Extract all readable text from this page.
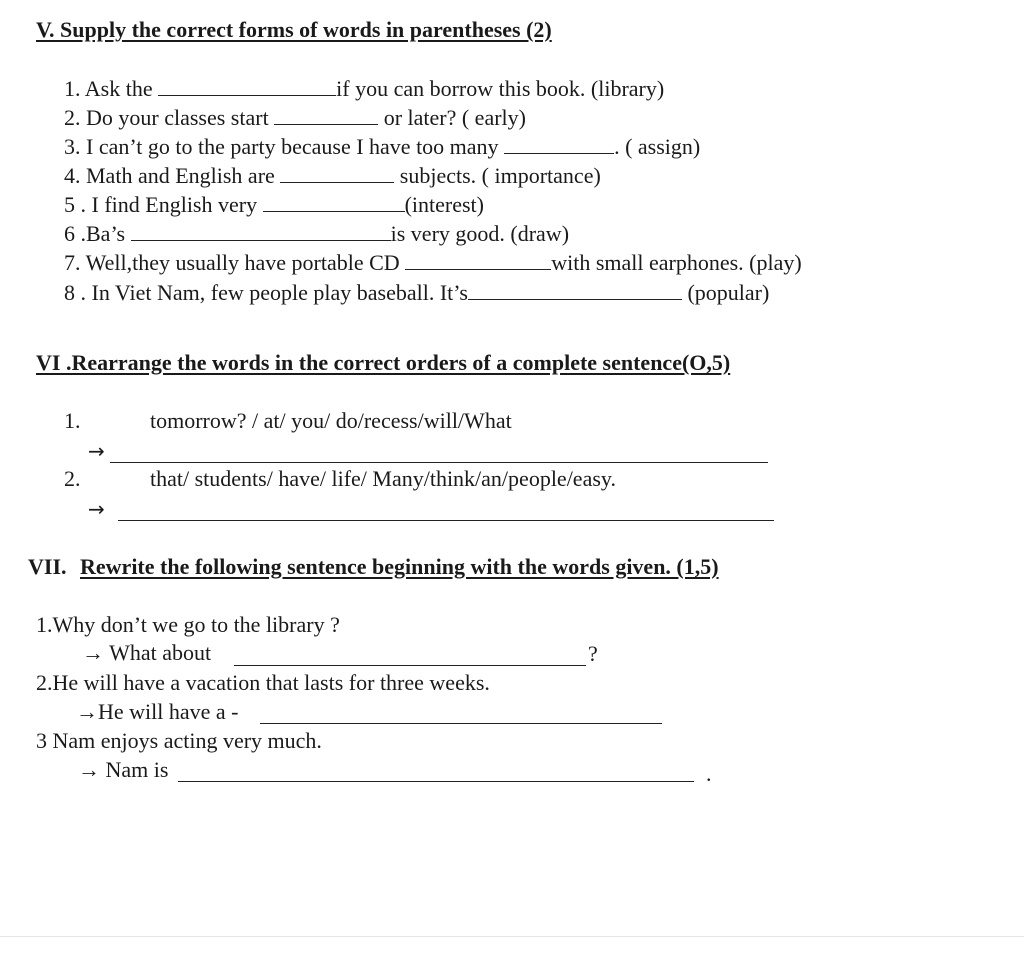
V. Supply the correct forms of words in parentheses (2)
1. Ask the	if you can borrow this book. (library)
2. Do your classes start	or later? ( early)
3. I can’t go to the party because I have too many	. ( assign)
4. Math and English are	subjects. ( importance)
5 . I find English very	(interest)
6 .Ba’s	is very good. (draw)
7. Well,they usually have portable CD	with small earphones. (play)
8 . In Viet Nam, few people play baseball. It’s	(popular)
VI .Rearrange the words in the correct orders of a complete sentence(O,5)
1.	tomorrow? / at/ you/ do/recess/will/What
→
2.	that/ students/ have/ life/ Many/think/an/people/easy.
→
VII. Rewrite the following sentence beginning with the words given. (1,5)
1.Why don’t we go to the library ?
→ What about	?
2.He will have a vacation that lasts for three weeks.
→He will have a -
3 Nam enjoys acting very much.
→ Nam is	.
